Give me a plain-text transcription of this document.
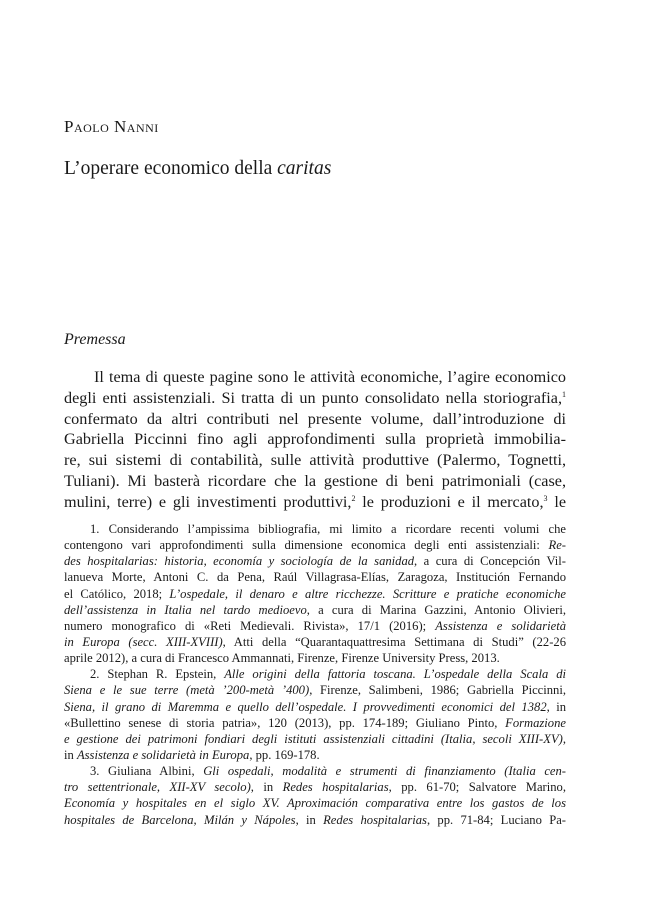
Paolo Nanni
L’operare economico della caritas
Premessa
Il tema di queste pagine sono le attività economiche, l’agire economico
degli enti assistenziali. Si tratta di un punto consolidato nella storiografia,$^1$
confermato da altri contributi nel presente volume, dall’introduzione di
Gabriella Piccinni fino agli approfondimenti sulla proprietà immobilia-
re, sui sistemi di contabilità, sulle attività produttive (Palermo, Tognetti,
Tuliani). Mi basterà ricordare che la gestione di beni patrimoniali (case,
mulini, terre) e gli investimenti produttivi,$^2$ le produzioni e il mercato,$^3$ le
1. Considerando l’ampissima bibliografia, mi limito a ricordare recenti volumi che
contengono vari approfondimenti sulla dimensione economica degli enti assistenziali: Re-
des hospitalarias: historia, economía y sociología de la sanidad, a cura di Concepción Vil-
lanueva Morte, Antoni C. da Pena, Raúl Villagrasa-Elías, Zaragoza, Institución Fernando
el Católico, 2018; L’ospedale, il denaro e altre ricchezze. Scritture e pratiche economiche
dell’assistenza in Italia nel tardo medioevo, a cura di Marina Gazzini, Antonio Olivieri,
numero monografico di «Reti Medievali. Rivista», 17/1 (2016); Assistenza e solidarietà
in Europa (secc. XIII-XVIII), Atti della “Quarantaquattresima Settimana di Studi” (22-26
aprile 2012), a cura di Francesco Ammannati, Firenze, Firenze University Press, 2013.
2. Stephan R. Epstein, Alle origini della fattoria toscana. L’ospedale della Scala di
Siena e le sue terre (metà ’200-metà ’400), Firenze, Salimbeni, 1986; Gabriella Piccinni,
Siena, il grano di Maremma e quello dell’ospedale. I provvedimenti economici del 1382, in
«Bullettino senese di storia patria», 120 (2013), pp. 174-189; Giuliano Pinto, Formazione
e gestione dei patrimoni fondiari degli istituti assistenziali cittadini (Italia, secoli XIII-XV),
in Assistenza e solidarietà in Europa, pp. 169-178.
3. Giuliana Albini, Gli ospedali, modalità e strumenti di finanziamento (Italia cen-
tro settentrionale, XII-XV secolo), in Redes hospitalarias, pp. 61-70; Salvatore Marino,
Economía y hospitales en el siglo XV. Aproximación comparativa entre los gastos de los
hospitales de Barcelona, Milán y Nápoles, in Redes hospitalarias, pp. 71-84; Luciano Pa-
